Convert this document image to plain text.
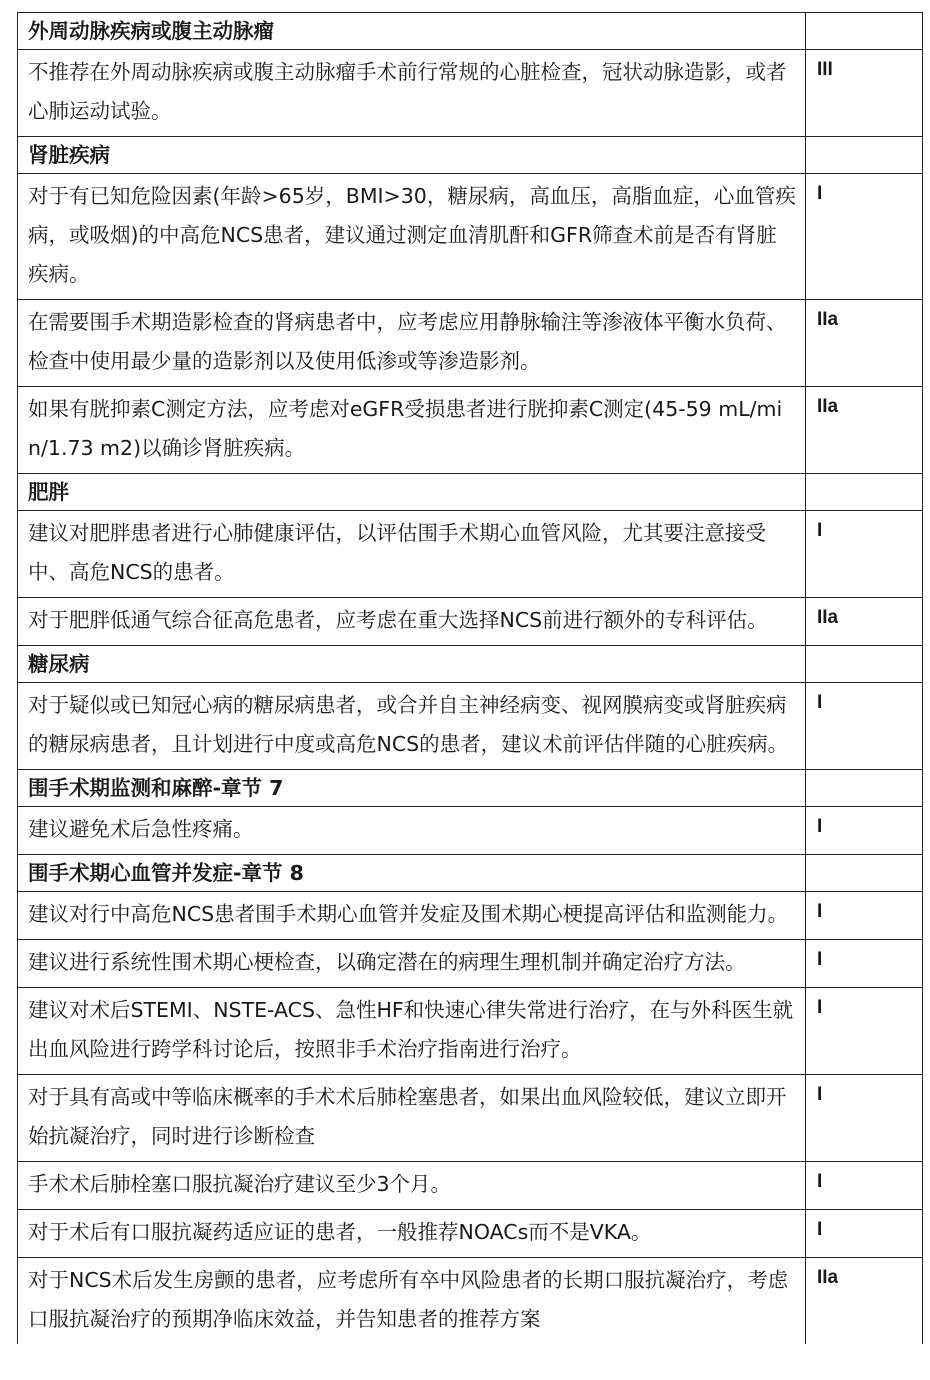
外周动脉疾病或腹主动脉瘤	
不推荐在外周动脉疾病或腹主动脉瘤手术前行常规的心脏检查，冠状动脉造影，或者心肺运动试验。	III
肾脏疾病	
对于有已知危险因素(年龄>65岁，BMI>30，糖尿病，高血压，高脂血症，心血管疾病，或吸烟)的中高危NCS患者，建议通过测定血清肌酐和GFR筛查术前是否有肾脏疾病。	I
在需要围手术期造影检查的肾病患者中，应考虑应用静脉输注等渗液体平衡水负荷、检查中使用最少量的造影剂以及使用低渗或等渗造影剂。	IIa
如果有胱抑素C测定方法，应考虑对eGFR受损患者进行胱抑素C测定(45-59 mL/min/1.73 m2)以确诊肾脏疾病。	IIa
肥胖	
建议对肥胖患者进行心肺健康评估，以评估围手术期心血管风险，尤其要注意接受中、高危NCS的患者。	I
对于肥胖低通气综合征高危患者，应考虑在重大选择NCS前进行额外的专科评估。	IIa
糖尿病	
对于疑似或已知冠心病的糖尿病患者，或合并自主神经病变、视网膜病变或肾脏疾病的糖尿病患者，且计划进行中度或高危NCS的患者，建议术前评估伴随的心脏疾病。	I
围手术期监测和麻醉-章节 7	
建议避免术后急性疼痛。	I
围手术期心血管并发症-章节 8	
建议对行中高危NCS患者围手术期心血管并发症及围术期心梗提高评估和监测能力。	I
建议进行系统性围术期心梗检查，以确定潜在的病理生理机制并确定治疗方法。	I
建议对术后STEMI、NSTE-ACS、急性HF和快速心律失常进行治疗，在与外科医生就出血风险进行跨学科讨论后，按照非手术治疗指南进行治疗。	I
对于具有高或中等临床概率的手术术后肺栓塞患者，如果出血风险较低，建议立即开始抗凝治疗，同时进行诊断检查	I
手术术后肺栓塞口服抗凝治疗建议至少3个月。	I
对于术后有口服抗凝药适应证的患者，一般推荐NOACs而不是VKA。	I
对于NCS术后发生房颤的患者，应考虑所有卒中风险患者的长期口服抗凝治疗，考虑口服抗凝治疗的预期净临床效益，并告知患者的推荐方案	IIa
